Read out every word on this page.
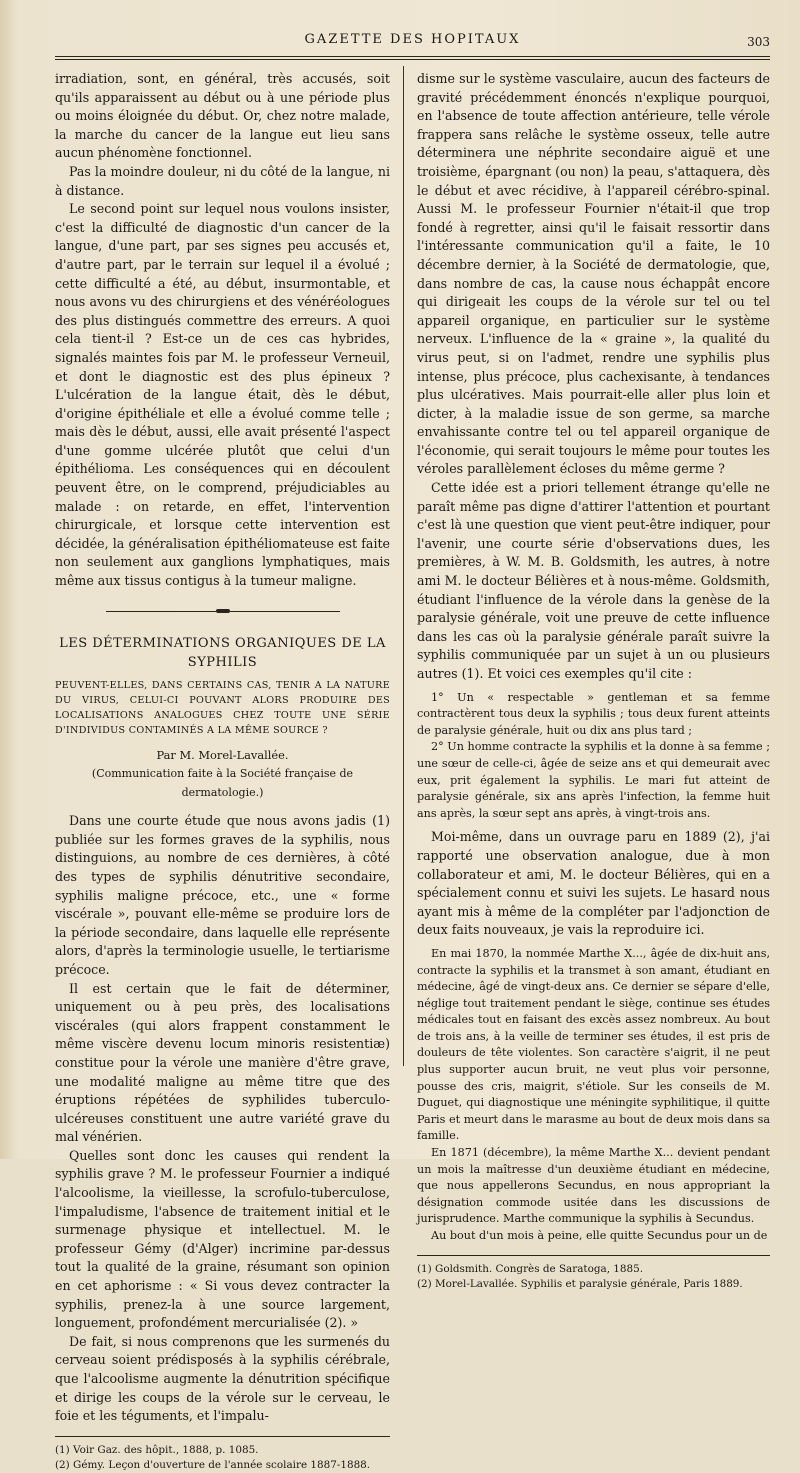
GAZETTE DES HOPITAUX	303

irradiation, sont, en général, très accusés, soit qu'ils apparaissent au début ou à une période plus ou moins éloignée du début. Or, chez notre malade, la marche du cancer de la langue eut lieu sans aucun phénomène fonctionnel.

Pas la moindre douleur, ni du côté de la langue, ni à distance.

Le second point sur lequel nous voulons insister, c'est la difficulté de diagnostic d'un cancer de la langue, d'une part, par ses signes peu accusés et, d'autre part, par le terrain sur lequel il a évolué ; cette difficulté a été, au début, insurmontable, et nous avons vu des chirurgiens et des vénéréologues des plus distingués commettre des erreurs. A quoi cela tient-il ? Est-ce un de ces cas hybrides, signalés maintes fois par M. le professeur Verneuil, et dont le diagnostic est des plus épineux ? L'ulcération de la langue était, dès le début, d'origine épithéliale et elle a évolué comme telle ; mais dès le début, aussi, elle avait présenté l'aspect d'une gomme ulcérée plutôt que celui d'un épithélioma. Les conséquences qui en découlent peuvent être, on le comprend, préjudiciables au malade : on retarde, en effet, l'intervention chirurgicale, et lorsque cette intervention est décidée, la généralisation épithéliomateuse est faite non seulement aux ganglions lymphatiques, mais même aux tissus contigus à la tumeur maligne.

LES DÉTERMINATIONS ORGANIQUES DE LA SYPHILIS
PEUVENT-ELLES, DANS CERTAINS CAS, TENIR A LA NATURE DU VIRUS, CELUI-CI POUVANT ALORS PRODUIRE DES LOCALISATIONS ANALOGUES CHEZ TOUTE UNE SÉRIE D'INDIVIDUS CONTAMINÉS A LA MÊME SOURCE ?
Par M. Morel-Lavallée.
(Communication faite à la Société française de dermatologie.)

Dans une courte étude que nous avons jadis (1) publiée sur les formes graves de la syphilis, nous distinguions, au nombre de ces dernières, à côté des types de syphilis dénutritive secondaire, syphilis maligne précoce, etc., une « forme viscérale », pouvant elle-même se produire lors de la période secondaire, dans laquelle elle représente alors, d'après la terminologie usuelle, le tertiarisme précoce.

Il est certain que le fait de déterminer, uniquement ou à peu près, des localisations viscérales (qui alors frappent constamment le même viscère devenu locum minoris resistentiæ) constitue pour la vérole une manière d'être grave, une modalité maligne au même titre que des éruptions répétées de syphilides tuberculo-ulcéreuses constituent une autre variété grave du mal vénérien.

Quelles sont donc les causes qui rendent la syphilis grave ? M. le professeur Fournier a indiqué l'alcoolisme, la vieillesse, la scrofulo-tuberculose, l'impaludisme, l'absence de traitement initial et le surmenage physique et intellectuel. M. le professeur Gémy (d'Alger) incrimine par-dessus tout la qualité de la graine, résumant son opinion en cet aphorisme : « Si vous devez contracter la syphilis, prenez-la à une source largement, longuement, profondément mercurialisée (2). »

De fait, si nous comprenons que les surmenés du cerveau soient prédisposés à la syphilis cérébrale, que l'alcoolisme augmente la dénutrition spécifique et dirige les coups de la vérole sur le cerveau, le foie et les téguments, et l'impalu-

(1) Voir Gaz. des hôpit., 1888, p. 1085.

(2) Gémy. Leçon d'ouverture de l'année scolaire 1887-1888.

disme sur le système vasculaire, aucun des facteurs de gravité précédemment énoncés n'explique pourquoi, en l'absence de toute affection antérieure, telle vérole frappera sans relâche le système osseux, telle autre déterminera une néphrite secondaire aiguë et une troisième, épargnant (ou non) la peau, s'attaquera, dès le début et avec récidive, à l'appareil cérébro-spinal. Aussi M. le professeur Fournier n'était-il que trop fondé à regretter, ainsi qu'il le faisait ressortir dans l'intéressante communication qu'il a faite, le 10 décembre dernier, à la Société de dermatologie, que, dans nombre de cas, la cause nous échappât encore qui dirigeait les coups de la vérole sur tel ou tel appareil organique, en particulier sur le système nerveux. L'influence de la « graine », la qualité du virus peut, si on l'admet, rendre une syphilis plus intense, plus précoce, plus cachexisante, à tendances plus ulcératives. Mais pourrait-elle aller plus loin et dicter, à la maladie issue de son germe, sa marche envahissante contre tel ou tel appareil organique de l'économie, qui serait toujours le même pour toutes les véroles parallèlement écloses du même germe ?

Cette idée est a priori tellement étrange qu'elle ne paraît même pas digne d'attirer l'attention et pourtant c'est là une question que vient peut-être indiquer, pour l'avenir, une courte série d'observations dues, les premières, à W. M. B. Goldsmith, les autres, à notre ami M. le docteur Bélières et à nous-même. Goldsmith, étudiant l'influence de la vérole dans la genèse de la paralysie générale, voit une preuve de cette influence dans les cas où la paralysie générale paraît suivre la syphilis communiquée par un sujet à un ou plusieurs autres (1). Et voici ces exemples qu'il cite :

1° Un « respectable » gentleman et sa femme contractèrent tous deux la syphilis ; tous deux furent atteints de paralysie générale, huit ou dix ans plus tard ;

2° Un homme contracte la syphilis et la donne à sa femme ; une sœur de celle-ci, âgée de seize ans et qui demeurait avec eux, prit également la syphilis. Le mari fut atteint de paralysie générale, six ans après l'infection, la femme huit ans après, la sœur sept ans après, à vingt-trois ans.

Moi-même, dans un ouvrage paru en 1889 (2), j'ai rapporté une observation analogue, due à mon collaborateur et ami, M. le docteur Bélières, qui en a spécialement connu et suivi les sujets. Le hasard nous ayant mis à même de la compléter par l'adjonction de deux faits nouveaux, je vais la reproduire ici.

En mai 1870, la nommée Marthe X..., âgée de dix-huit ans, contracte la syphilis et la transmet à son amant, étudiant en médecine, âgé de vingt-deux ans. Ce dernier se sépare d'elle, néglige tout traitement pendant le siège, continue ses études médicales tout en faisant des excès assez nombreux. Au bout de trois ans, à la veille de terminer ses études, il est pris de douleurs de tête violentes. Son caractère s'aigrit, il ne peut plus supporter aucun bruit, ne veut plus voir personne, pousse des cris, maigrit, s'étiole. Sur les conseils de M. Duguet, qui diagnostique une méningite syphilitique, il quitte Paris et meurt dans le marasme au bout de deux mois dans sa famille.

En 1871 (décembre), la même Marthe X... devient pendant un mois la maîtresse d'un deuxième étudiant en médecine, que nous appellerons Secundus, en nous appropriant la désignation commode usitée dans les discussions de jurisprudence. Marthe communique la syphilis à Secundus.

Au bout d'un mois à peine, elle quitte Secundus pour un de

(1) Goldsmith. Congrès de Saratoga, 1885.

(2) Morel-Lavallée. Syphilis et paralysie générale, Paris 1889.
